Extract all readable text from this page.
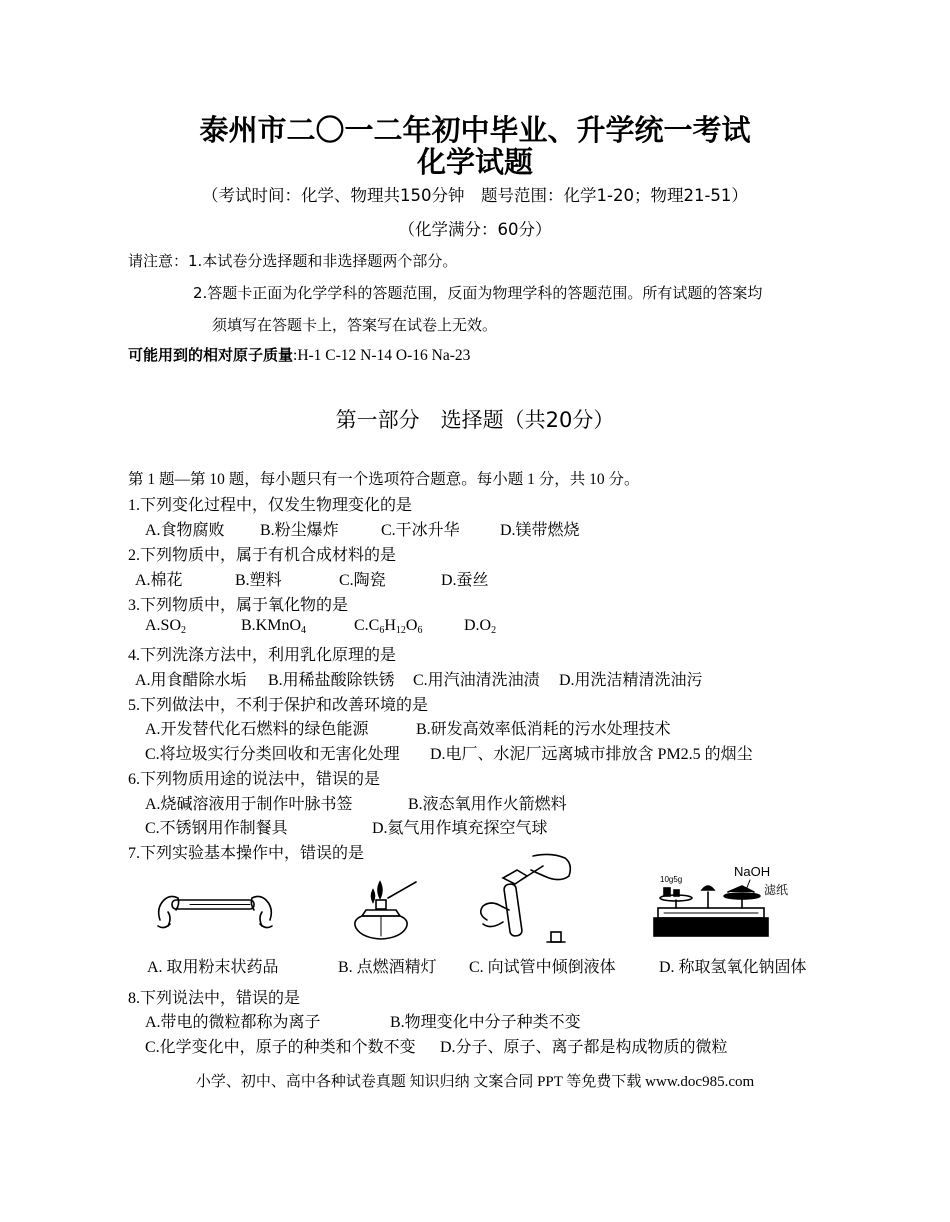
泰州市二〇一二年初中毕业、升学统一考试
化学试题
（考试时间：化学、物理共150分钟　题号范围：化学1-20；物理21-51）
（化学满分：60分）
请注意：1.本试卷分选择题和非选择题两个部分。
2.答题卡正面为化学学科的答题范围，反面为物理学科的答题范围。所有试题的答案均
须填写在答题卡上，答案写在试卷上无效。
可能用到的相对原子质量:H-1 C-12 N-14 O-16 Na-23
第一部分　选择题（共20分）
第 1 题—第 10 题，每小题只有一个选项符合题意。每小题 1 分，共 10 分。
1.下列变化过程中，仅发生物理变化的是
A.食物腐败 B.粉尘爆炸	C.干冰升华	D.镁带燃烧
2.下列物质中，属于有机合成材料的是
A.棉花	B.塑料	C.陶瓷	D.蚕丝
3.下列物质中，属于氧化物的是
$A.SO_2$	B.KMnO$_4$	$C.C_6H_{12}O_6$	$D.O_2$
4.下列洗涤方法中，利用乳化原理的是
A.用食醋除水垢 B.用稀盐酸除铁锈 C.用汽油清洗油渍 D.用洗洁精清洗油污
5.下列做法中，不利于保护和改善环境的是
A.开发替代化石燃料的绿色能源	B.研发高效率低消耗的污水处理技术
C.将垃圾实行分类回收和无害化处理 D.电厂、水泥厂远离城市排放含 PM2.5 的烟尘
6.下列物质用途的说法中，错误的是
A.烧碱溶液用于制作叶脉书签	B.液态氧用作火箭燃料
C.不锈钢用作制餐具	D.氦气用作填充探空气球
7.下列实验基本操作中，错误的是
10g5g
NaOH
滤纸
A. 取用粉末状药品	B. 点燃酒精灯 C. 向试管中倾倒液体	D. 称取氢氧化钠固体
8.下列说法中，错误的是
A.带电的微粒都称为离子	B.物理变化中分子种类不变
C.化学变化中，原子的种类和个数不变 D.分子、原子、离子都是构成物质的微粒
小学、初中、高中各种试卷真题 知识归纳 文案合同 PPT 等免费下载 www.doc985.com
